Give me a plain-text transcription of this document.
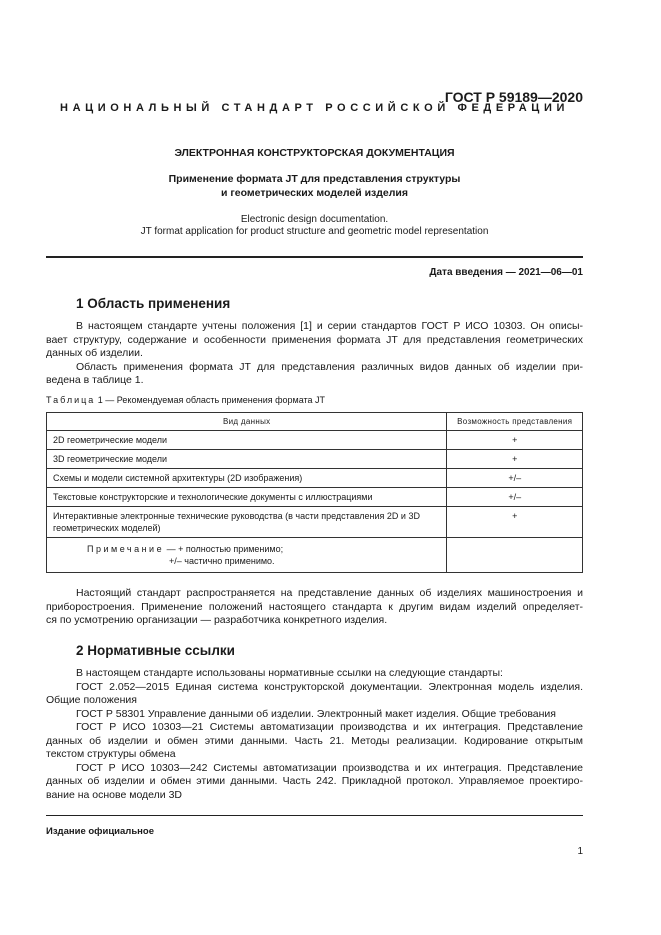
ГОСТ Р 59189—2020
НАЦИОНАЛЬНЫЙ СТАНДАРТ РОССИЙСКОЙ ФЕДЕРАЦИИ
ЭЛЕКТРОННАЯ КОНСТРУКТОРСКАЯ ДОКУМЕНТАЦИЯ
Применение формата JT для представления структуры
и геометрических моделей изделия
Electronic design documentation.
JT format application for product structure and geometric model representation
Дата введения — 2021—06—01
1 Область применения
В настоящем стандарте учтены положения [1] и серии стандартов ГОСТ Р ИСО 10303. Он описы-
вает структуру, содержание и особенности применения формата JT для представления геометрических
данных об изделии.
Область применения формата JT для представления различных видов данных об изделии при-
ведена в таблице 1.
Таблица 1 — Рекомендуемая область применения формата JT
Вид данных	Возможность представления
2D геометрические модели	+
3D геометрические модели	+
Схемы и модели системной архитектуры (2D изображения)	+/–
Текстовые конструкторские и технологические документы с иллюстрациями	+/–
Интерактивные электронные технические руководства (в части представления 2D и 3D геометрических моделей)	+

Примечание — + полностью применимо;
+/– частично применимо.	

Настоящий стандарт распространяется на представление данных об изделиях машиностроения и
приборостроения. Применение положений настоящего стандарта к другим видам изделий определяет-
ся по усмотрению организации — разработчика конкретного изделия.
2 Нормативные ссылки
В настоящем стандарте использованы нормативные ссылки на следующие стандарты:
ГОСТ 2.052—2015 Единая система конструкторской документации. Электронная модель изделия.
Общие положения
ГОСТ Р 58301 Управление данными об изделии. Электронный макет изделия. Общие требования
ГОСТ Р ИСО 10303—21 Системы автоматизации производства и их интеграция. Представление
данных об изделии и обмен этими данными. Часть 21. Методы реализации. Кодирование открытым
текстом структуры обмена
ГОСТ Р ИСО 10303—242 Системы автоматизации производства и их интеграция. Представление
данных об изделии и обмен этими данными. Часть 242. Прикладной протокол. Управляемое проектиро-
вание на основе модели 3D
Издание официальное
1
